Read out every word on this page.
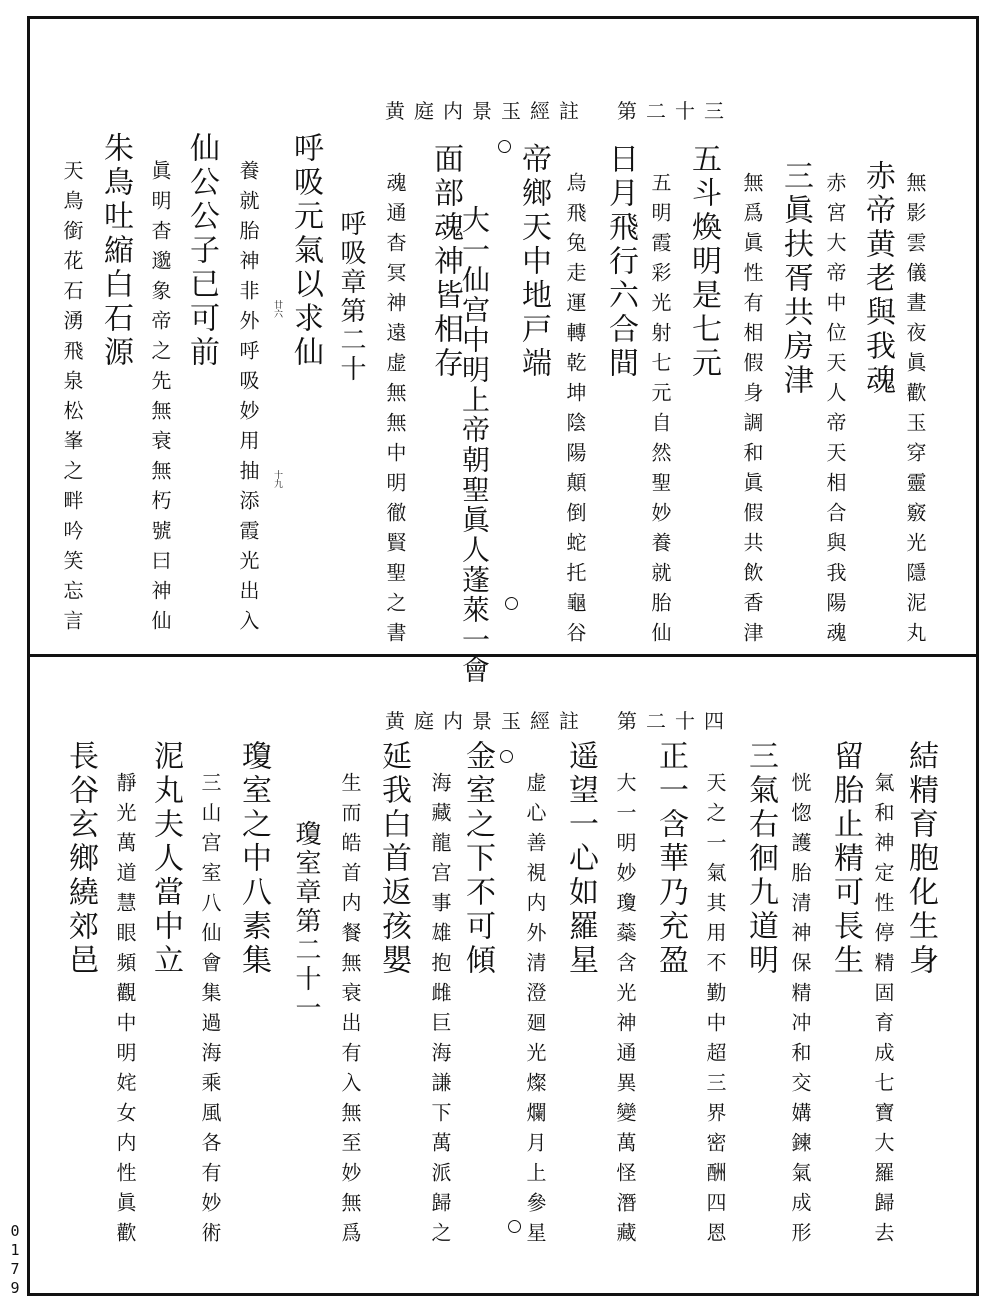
黄庭内景玉經註　第二十三
無影雲儀晝夜眞歡玉穿靈竅光隱泥丸
赤帝黄老與我魂
赤宮大帝中位天人帝天相合與我陽魂
三眞扶胥共房津
無爲眞性有相假身調和眞假共飲香津
五斗煥明是七元
五明霞彩光射七元自然聖妙養就胎仙
日月飛行六合間
烏飛兔走運轉乾坤陰陽顛倒蛇托龜谷
帝鄉天中地戸端
面部魂神皆相存
大一仙宫中明上帝朝聖眞人蓬萊一會
魂通杳冥神遠虚無無中明徹賢聖之書
呼吸章第二十
呼吸元氣以求仙
養就胎神非外呼吸妙用抽添霞光出入
仙公公子已可前
眞明杳邈象帝之先無衰無朽號曰神仙
朱鳥吐縮白石源
天鳥銜花石湧飛泉松峯之畔吟笑忘言	十九
廿六
黄庭内景玉經註　第二十四
結精育胞化生身
氣和神定性停精固育成七寶大羅歸去
留胎止精可長生
恍惚護胎清神保精冲和交媾鍊氣成形
三氣右徊九道明
天之一氣其用不勤中超三界密酬四恩
正一含華乃充盈
大一明妙瓊蘂含光神通異變萬怪潛藏
遥望一心如羅星
虚心善視内外清澄廻光燦爛月上參星
金室之下不可傾
海藏龍宫事雄抱雌巨海謙下萬派歸之
延我白首返孩嬰
生而皓首内餐無衰出有入無至妙無爲
瓊室章第二十一
瓊室之中八素集
三山宫室八仙會集過海乘風各有妙術
泥丸夫人當中立
靜光萬道慧眼頻觀中明姹女内性眞歡
長谷玄鄉繞郊邑
0179
